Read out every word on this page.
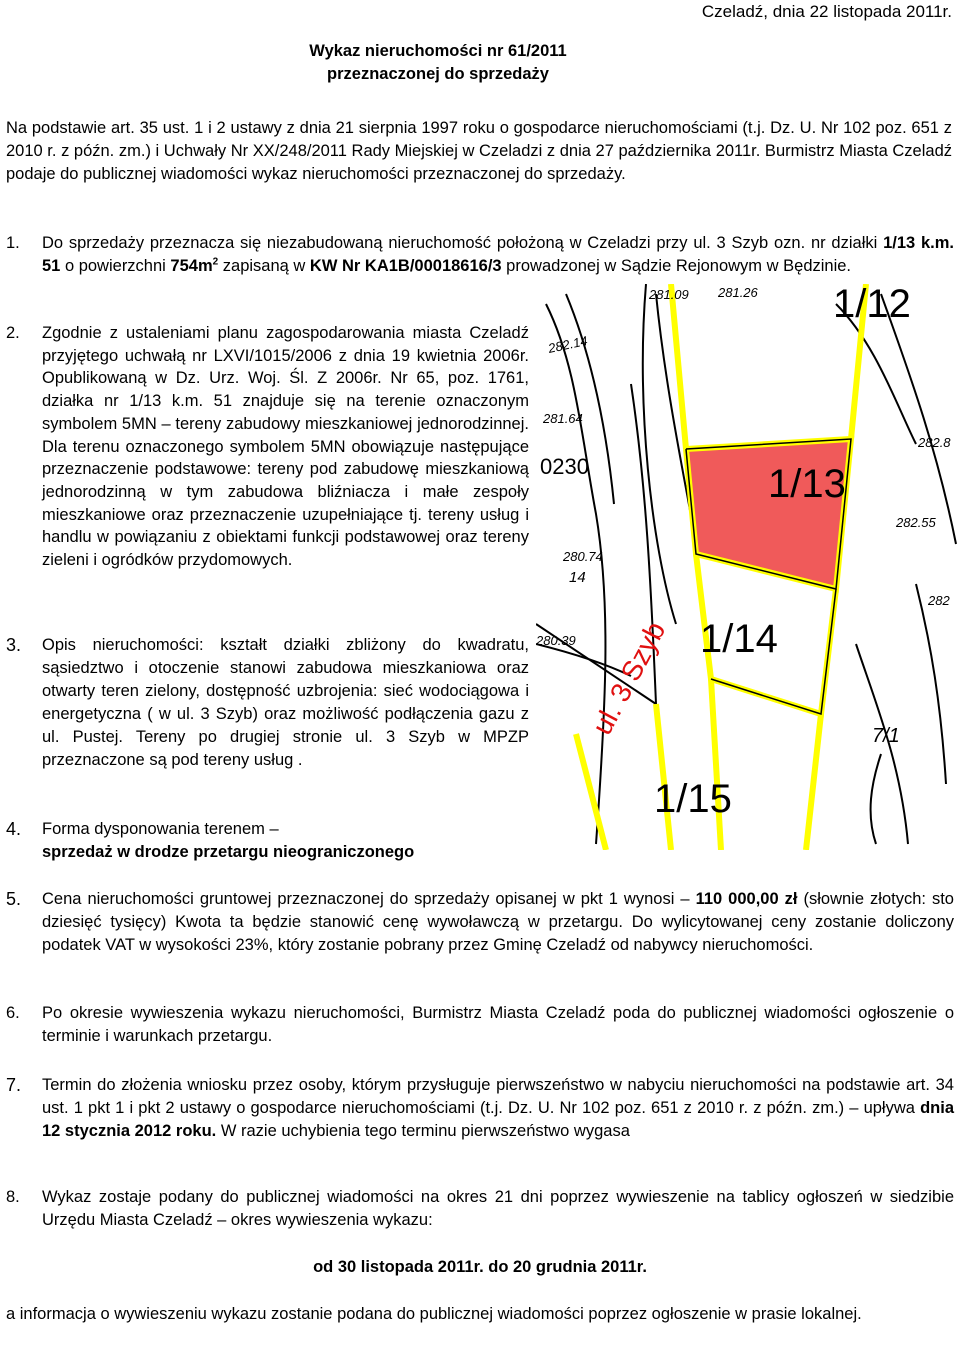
Czeladź, dnia 22 listopada 2011r.
Wykaz nieruchomości nr 61/2011
przeznaczonej do sprzedaży
Na podstawie art. 35 ust. 1 i 2 ustawy z dnia 21 sierpnia 1997 roku o gospodarce nieruchomościami (t.j. Dz. U. Nr 102 poz. 651 z 2010 r. z późn. zm.) i Uchwały Nr XX/248/2011 Rady Miejskiej w Czeladzi z dnia 27 października 2011r. Burmistrz Miasta Czeladź podaje do publicznej wiadomości wykaz nieruchomości przeznaczonej do sprzedaży.
1. Do sprzedaży przeznacza się niezabudowaną nieruchomość położoną w Czeladzi przy ul. 3 Szyb ozn. nr działki 1/13 k.m. 51 o powierzchni $754m^2$ zapisaną w KW Nr KA1B/00018616/3 prowadzonej w Sądzie Rejonowym w Będzinie.
2. Zgodnie z ustaleniami planu zagospodarowania miasta Czeladź przyjętego uchwałą nr LXVI/1015/2006 z dnia 19 kwietnia 2006r. Opublikowaną w Dz. Urz. Woj. Śl. Z 2006r. Nr 65, poz. 1761, działka nr 1/13 k.m. 51 znajduje się na terenie oznaczonym symbolem 5MN – tereny zabudowy mieszkaniowej jednorodzinnej. Dla terenu oznaczonego symbolem 5MN obowiązuje następujące przeznaczenie podstawowe: tereny pod zabudowę mieszkaniową jednorodzinną w tym zabudowa bliźniacza i małe zespoły mieszkaniowe oraz przeznaczenie uzupełniające tj. tereny usług i handlu w powiązaniu z obiektami funkcji podstawowej oraz tereny zieleni i ogródków przydomowych.
3. Opis nieruchomości: kształt działki zbliżony do kwadratu, sąsiedztwo i otoczenie stanowi zabudowa mieszkaniowa oraz otwarty teren zielony, dostępność uzbrojenia: sieć wodociągowa i energetyczna ( w ul. 3 Szyb) oraz możliwość podłączenia gazu z ul. Pustej. Tereny po drugiej stronie ul. 3 Szyb w MPZP przeznaczone są pod tereny usług .
4. Forma dysponowania terenem –
sprzedaż w drodze przetargu nieograniczonego
5. Cena nieruchomości gruntowej przeznaczonej do sprzedaży opisanej w pkt 1 wynosi – 110 000,00 zł (słownie złotych: sto dziesięć tysięcy) Kwota ta będzie stanowić cenę wywoławczą w przetargu. Do wylicytowanej ceny zostanie doliczony podatek VAT w wysokości 23%, który zostanie pobrany przez Gminę Czeladź od nabywcy nieruchomości.
6. Po okresie wywieszenia wykazu nieruchomości, Burmistrz Miasta Czeladź poda do publicznej wiadomości ogłoszenie o terminie i warunkach przetargu.
7. Termin do złożenia wniosku przez osoby, którym przysługuje pierwszeństwo w nabyciu nieruchomości na podstawie art. 34 ust. 1 pkt 1 i pkt 2 ustawy o gospodarce nieruchomościami (t.j. Dz. U. Nr 102 poz. 651 z 2010 r. z późn. zm.) – upływa dnia 12 stycznia 2012 roku. W razie uchybienia tego terminu pierwszeństwo wygasa
8. Wykaz zostaje podany do publicznej wiadomości na okres 21 dni poprzez wywieszenie na tablicy ogłoszeń w siedzibie Urzędu Miasta Czeladź – okres wywieszenia wykazu:
od 30 listopada 2011r. do 20 grudnia 2011r.
a informacja o wywieszeniu wykazu zostanie podana do publicznej wiadomości poprzez ogłoszenie w prasie lokalnej.
1/12
1/13
1/14
1/15
ul. 3 Szyb
281.09 281.26
282.14
282.8
281.64
0230
280.74
280.39
14
282.55
7/1
282
